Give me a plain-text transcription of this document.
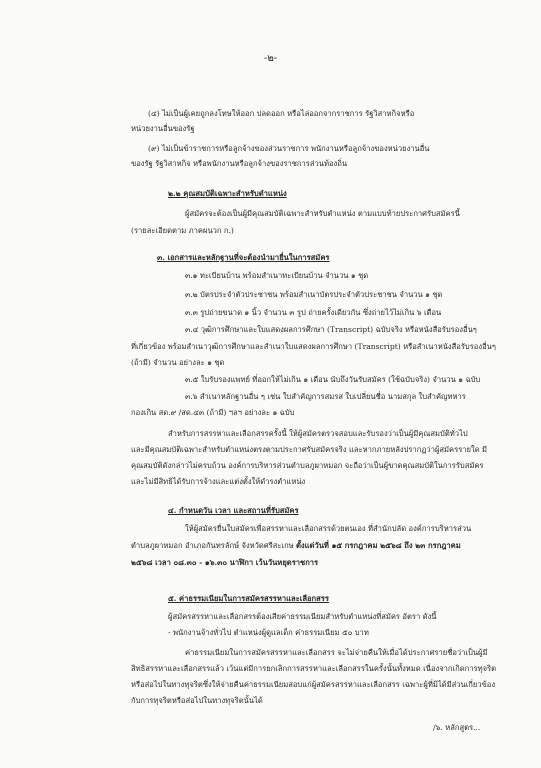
-๒-
(๔) ไม่เป็นผู้เคยถูกลงโทษให้ออก ปลดออก หรือไล่ออกจากราชการ รัฐวิสาหกิจหรือ
หน่วยงานอื่นของรัฐ
(๙) ไม่เป็นข้าราชการหรือลูกจ้างของส่วนราชการ พนักงานหรือลูกจ้างของหน่วยงานอื่น
ของรัฐ รัฐวิสาหกิจ หรือพนักงานหรือลูกจ้างของราชการส่วนท้องถิ่น
๒.๒ คุณสมบัติเฉพาะสำหรับตำแหน่ง
ผู้สมัครจะต้องเป็นผู้มีคุณสมบัติเฉพาะสำหรับตำแหน่ง ตามแบบท้ายประกาศรับสมัครนี้
(รายละเอียดตาม ภาคผนวก ก.)
๓. เอกสารและหลักฐานที่จะต้องนำมายื่นในการสมัคร
๓.๑ ทะเบียนบ้าน พร้อมสำเนาทะเบียนบ้าน จำนวน ๑ ชุด
๓.๒ บัตรประจำตัวประชาชน พร้อมสำเนาบัตรประจำตัวประชาชน จำนวน ๑ ชุด
๓.๓ รูปถ่ายขนาด ๑ นิ้ว จำนวน ๓ รูป ถ่ายครั้งเดียวกัน ซึ่งถ่ายไว้ไม่เกิน ๖ เดือน
๓.๔ วุฒิการศึกษาและใบแสดงผลการศึกษา (Transcript) ฉบับจริง หรือหนังสือรับรองอื่นๆ
ที่เกี่ยวข้อง พร้อมสำเนาวุฒิการศึกษาและสำเนาใบแสดงผลการศึกษา (Transcript) หรือสำเนาหนังสือรับรองอื่นๆ
(ถ้ามี) จำนวน อย่างละ ๑ ชุด
๓.๕ ใบรับรองแพทย์ ที่ออกให้ไม่เกิน ๑ เดือน นับถึงวันรับสมัคร (ใช้ฉบับจริง) จำนวน ๑ ฉบับ
๓.๖ สำเนาหลักฐานอื่น ๆ เช่น ใบสำคัญการสมรส ใบเปลี่ยนชื่อ นามสกุล ใบสำคัญทหาร
กองเกิน สด.๙ /สด.๔๓ (ถ้ามี) ฯลฯ อย่างละ ๑ ฉบับ
สำหรับการสรรหาและเลือกสรรครั้งนี้ ให้ผู้สมัครตรวจสอบและรับรองว่าเป็นผู้มีคุณสมบัติทั่วไป
และมีคุณสมบัติเฉพาะสำหรับตำแหน่งตรงตามประกาศรับสมัครจริง และหากภายหลังปรากฏว่าผู้สมัครรายใด มี
คุณสมบัติดังกล่าวไม่ครบถ้วน องค์การบริหารส่วนตำบลภูผาหมอก จะถือว่าเป็นผู้ขาดคุณสมบัติในการรับสมัคร
และไม่มีสิทธิได้รับการจ้างและแต่งตั้งให้ดำรงตำแหน่ง
๔. กำหนดวัน เวลา และสถานที่รับสมัคร
ให้ผู้สมัครยื่นใบสมัครเพื่อสรรหาและเลือกสรรด้วยตนเอง ที่สำนักปลัด องค์การบริหารส่วน
ตำบลภูผาหมอก อำเภอกันทรลักษ์ จังหวัดศรีสะเกษ ตั้งแต่วันที่ ๑๕ กรกฎาคม ๒๕๖๘ ถึง ๒๓ กรกฎาคม
๒๕๖๘ เวลา ๐๘.๓๐ - ๑๖.๓๐ นาฬิกา เว้นวันหยุดราชการ
๕. ค่าธรรมเนียมในการสมัครสรรหาและเลือกสรร
ผู้สมัครสรรหาและเลือกสรรต้องเสียค่าธรรมเนียมสำหรับตำแหน่งที่สมัคร อัตรา ดังนี้
- พนักงานจ้างทั่วไป ตำแหน่งผู้ดูแลเด็ก ค่าธรรมเนียม ๕๐ บาท
ค่าธรรมเนียมในการสมัครสรรหาและเลือกสรร จะไม่จ่ายคืนให้เมื่อได้ประกาศรายชื่อว่าเป็นผู้มี
สิทธิสรรหาและเลือกสรรแล้ว เว้นแต่มีการยกเลิกการสรรหาและเลือกสรรในครั้งนั้นทั้งหมด เนื่องจากเกิดการทุจริต
หรือส่อไปในทางทุจริตซึ่งให้จ่ายคืนค่าธรรมเนียมสอบแก่ผู้สมัครสรรหาและเลือกสรร เฉพาะผู้ที่มิได้มีส่วนเกี่ยวข้อง
กับการทุจริตหรือส่อไปในทางทุจริตนั้นได้
/๖. หลักสูตร...
